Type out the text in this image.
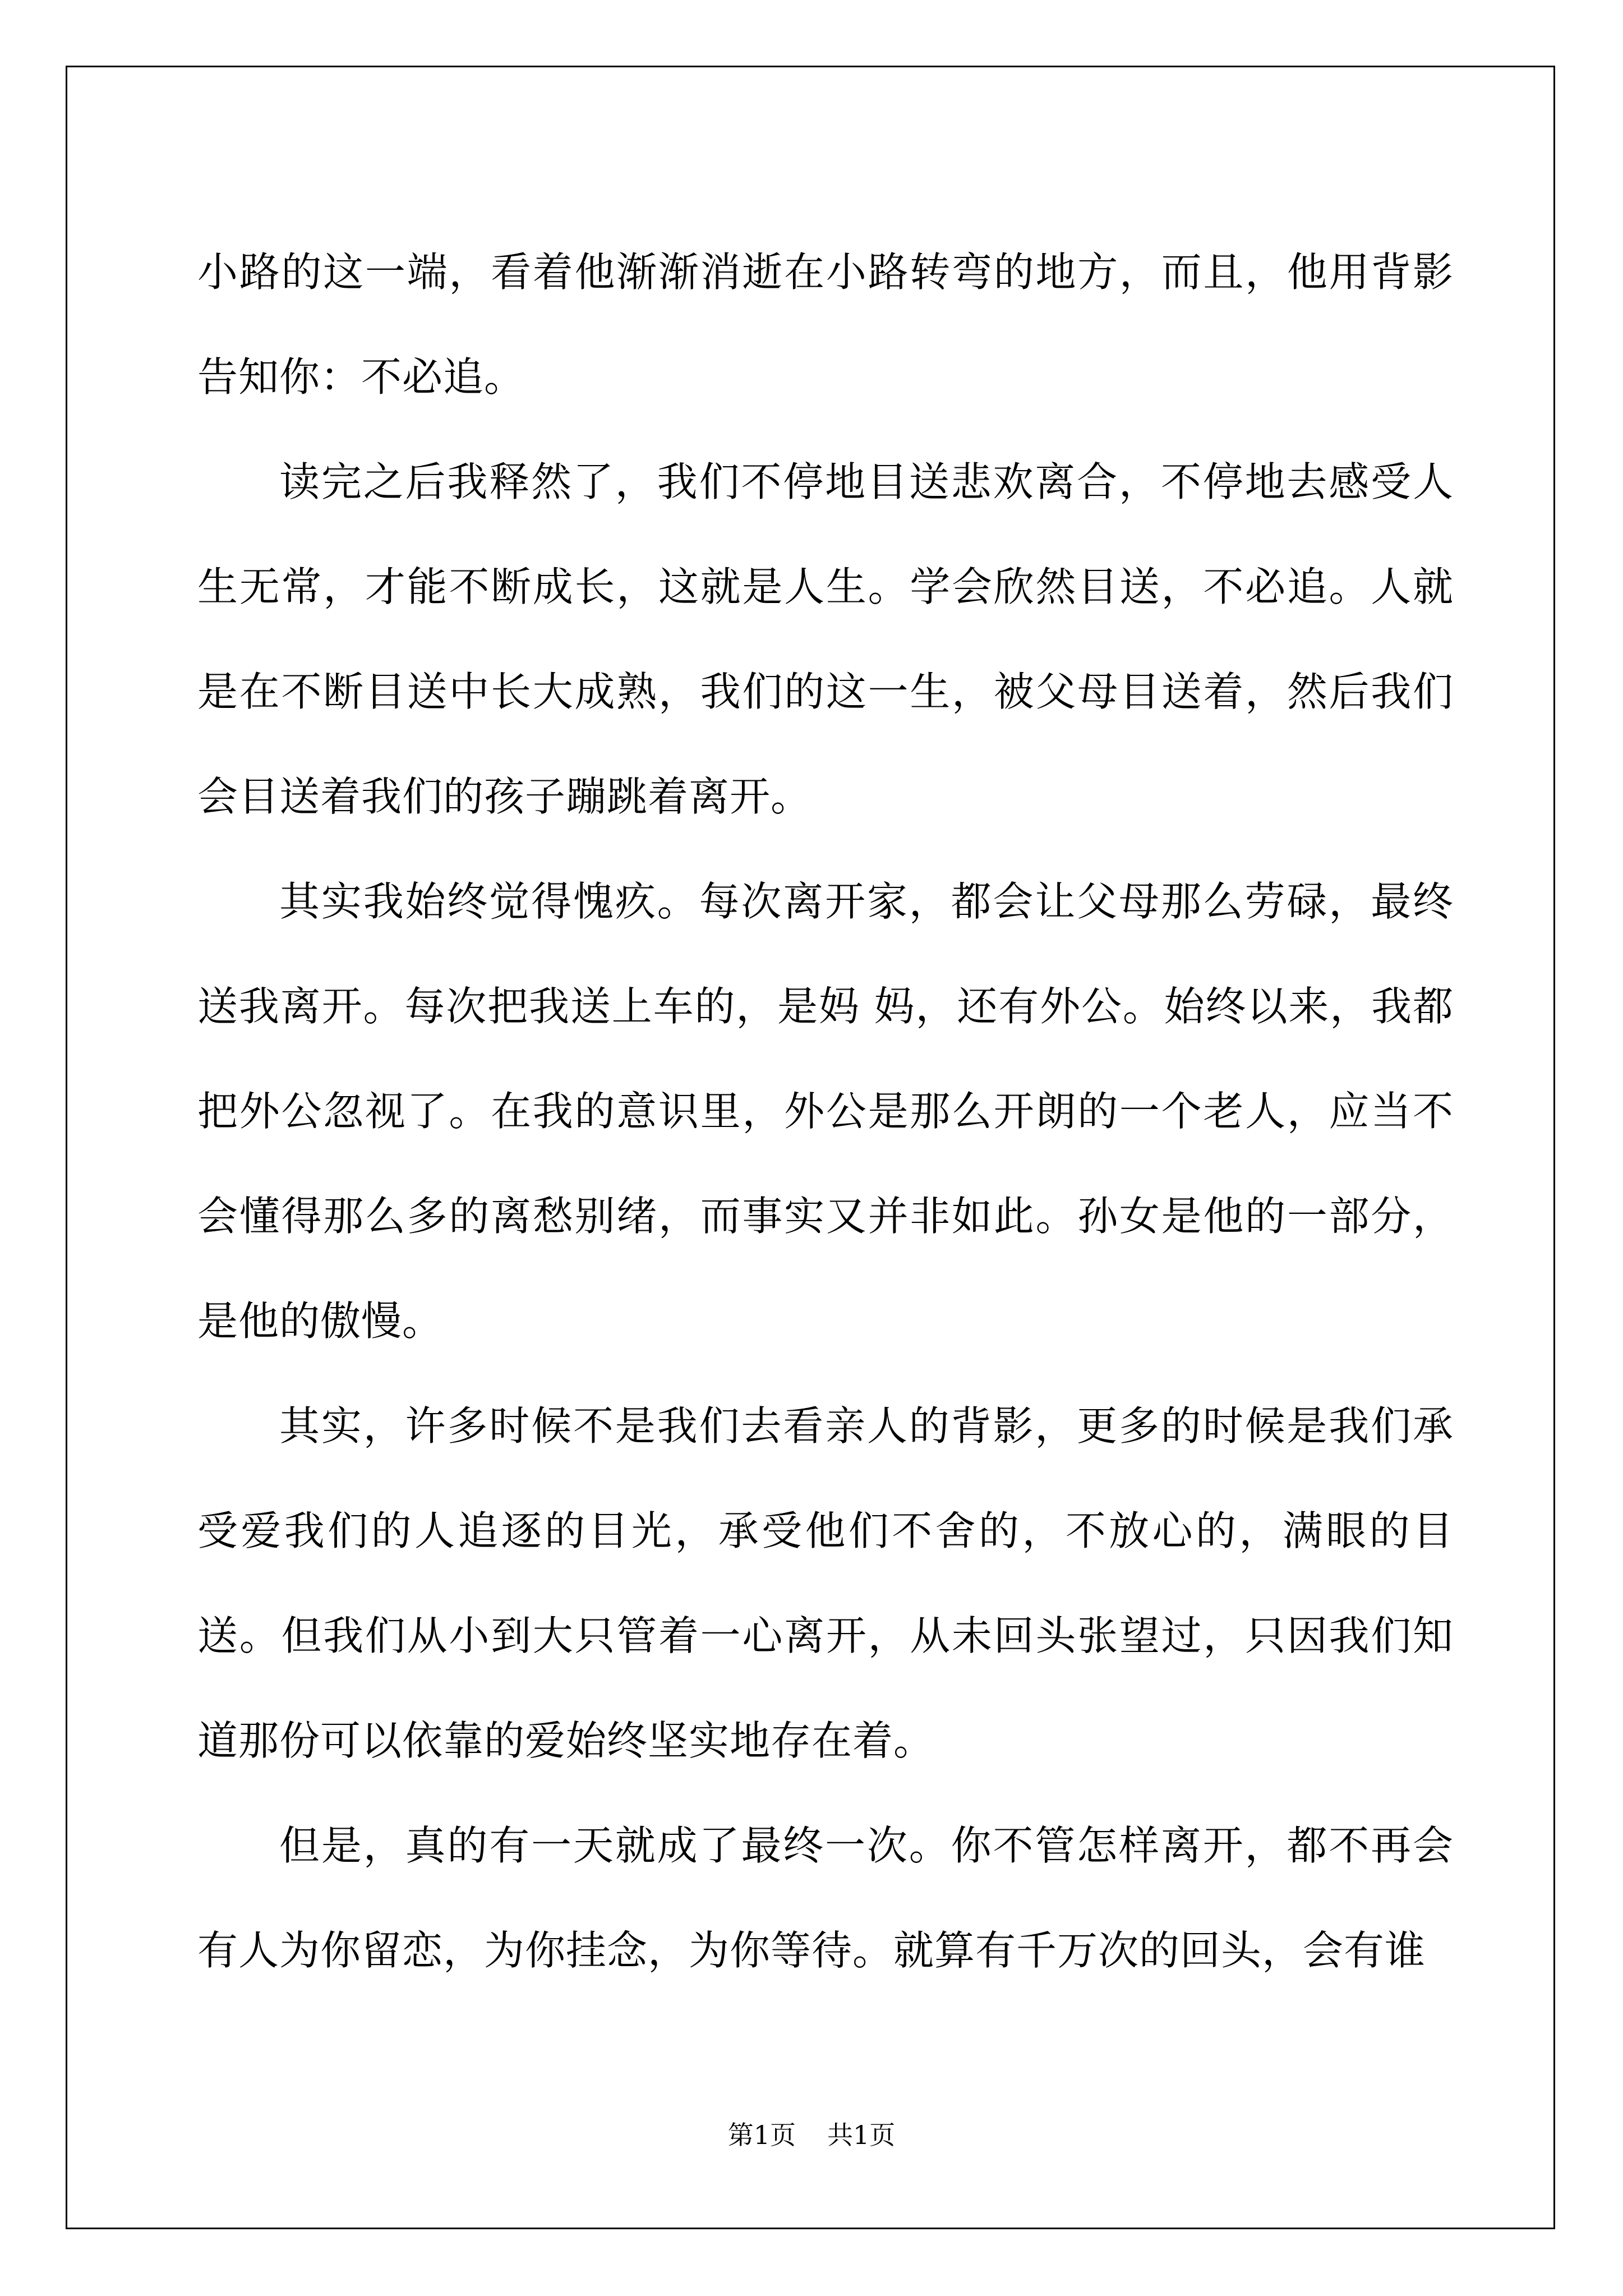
小路的这一端，看着他渐渐消逝在小路转弯的地方，而且，他用背影告知你：不必追。

读完之后我释然了，我们不停地目送悲欢离合，不停地去感受人生无常，才能不断成长，这就是人生。学会欣然目送，不必追。人就是在不断目送中长大成熟，我们的这一生，被父母目送着，然后我们会目送着我们的孩子蹦跳着离开。

其实我始终觉得愧疚。每次离开家，都会让父母那么劳碌，最终送我离开。每次把我送上车的，是妈 妈，还有外公。始终以来，我都把外公忽视了。在我的意识里，外公是那么开朗的一个老人，应当不会懂得那么多的离愁别绪，而事实又并非如此。孙女是他的一部分，是他的傲慢。

其实，许多时候不是我们去看亲人的背影，更多的时候是我们承受爱我们的人追逐的目光，承受他们不舍的，不放心的，满眼的目送。但我们从小到大只管着一心离开，从未回头张望过，只因我们知道那份可以依靠的爱始终坚实地存在着。

但是，真的有一天就成了最终一次。你不管怎样离开，都不再会有人为你留恋，为你挂念，为你等待。就算有千万次的回头，会有谁

第1页 共1页
